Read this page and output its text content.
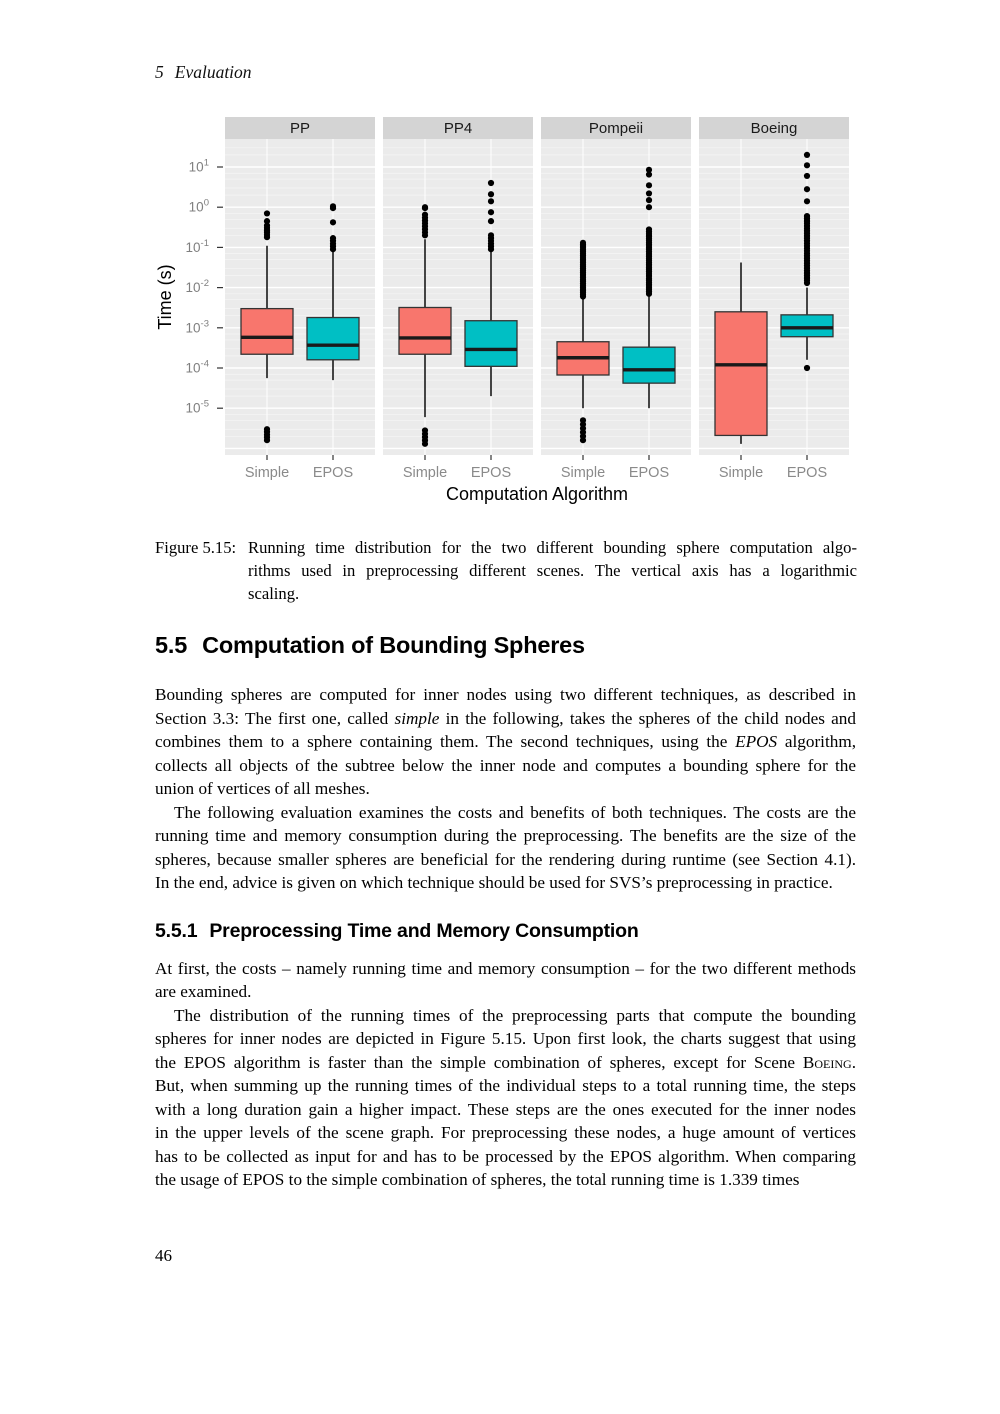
5 Evaluation
Time (s)
$10^1$
$10^0$
$10^{-1}$
$10^{-2}$
$10^{-3}$
$10^{-4}$
$10^{-5}$
PP
Simple EPOS
PP4
Simple EPOS
Pompeii
Simple EPOS
Boeing
Simple EPOS
Computation Algorithm
Figure 5.15: Running time distribution for the two different bounding sphere computation algo-
rithms used in preprocessing different scenes. The vertical axis has a logarithmic
scaling.
5.5 Computation of Bounding Spheres
Bounding spheres are computed for inner nodes using two different techniques, as described in
Section 3.3: The first one, called simple in the following, takes the spheres of the child nodes and
combines them to a sphere containing them. The second techniques, using the EPOS algorithm,
collects all objects of the subtree below the inner node and computes a bounding sphere for the
union of vertices of all meshes.
The following evaluation examines the costs and benefits of both techniques. The costs are the
running time and memory consumption during the preprocessing. The benefits are the size of the
spheres, because smaller spheres are beneficial for the rendering during runtime (see Section 4.1).
In the end, advice is given on which technique should be used for SVS’s preprocessing in practice.
5.5.1 Preprocessing Time and Memory Consumption
At first, the costs – namely running time and memory consumption – for the two different methods
are examined.
The distribution of the running times of the preprocessing parts that compute the bounding
spheres for inner nodes are depicted in Figure 5.15. Upon first look, the charts suggest that using
the EPOS algorithm is faster than the simple combination of spheres, except for Scene Boeing.
But, when summing up the running times of the individual steps to a total running time, the steps
with a long duration gain a higher impact. These steps are the ones executed for the inner nodes
in the upper levels of the scene graph. For preprocessing these nodes, a huge amount of vertices
has to be collected as input for and has to be processed by the EPOS algorithm. When comparing
the usage of EPOS to the simple combination of spheres, the total running time is 1.339 times
46
